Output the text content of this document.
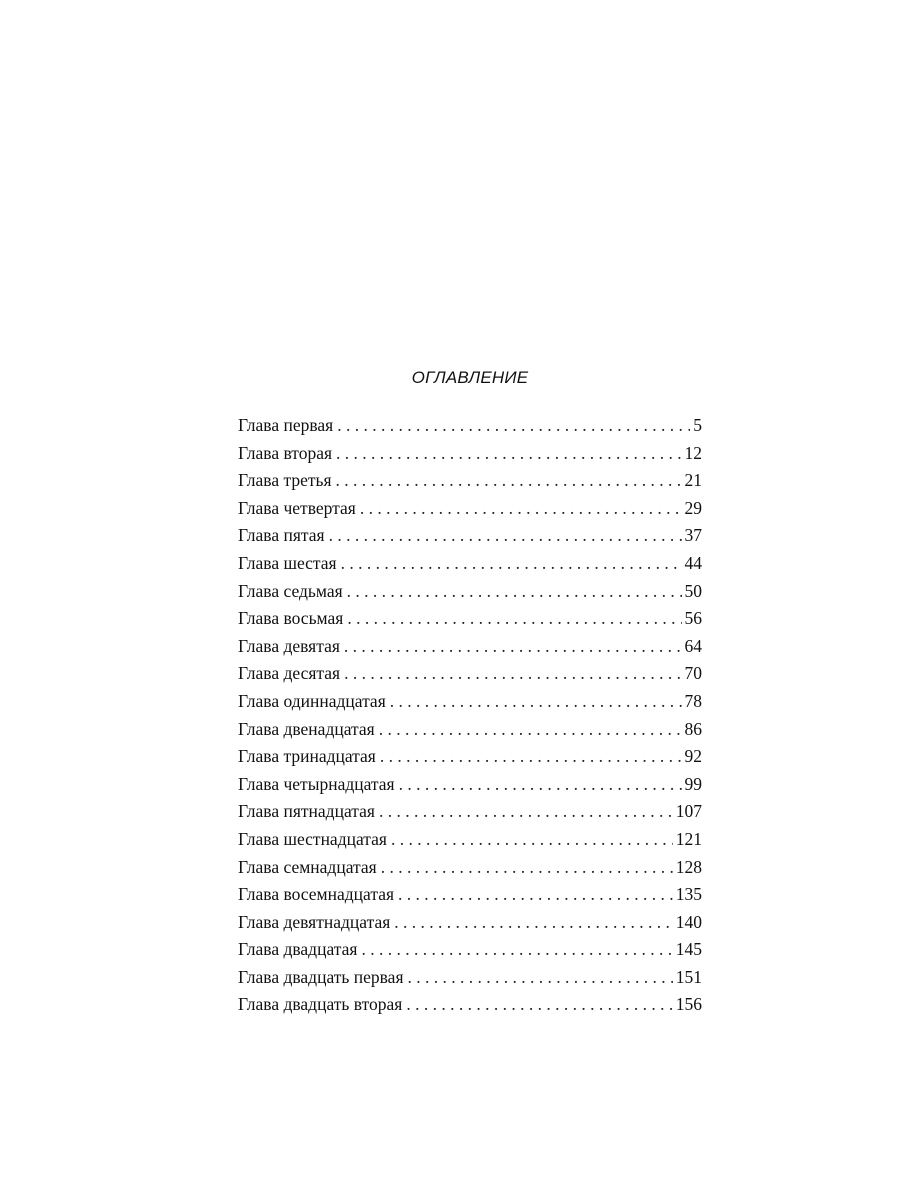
ОГЛАВЛЕНИЕ
Глава первая . . .	5
Глава вторая . . .	12
Глава третья . . .	21
Глава четвертая . . .	29
Глава пятая . . .	37
Глава шестая . . .	44
Глава седьмая . . .	50
Глава восьмая . . .	56
Глава девятая . . .	64
Глава десятая . . .	70
Глава одиннадцатая . . .	78
Глава двенадцатая . . .	86
Глава тринадцатая . . .	92
Глава четырнадцатая . . .	99
Глава пятнадцатая . . .	107
Глава шестнадцатая . . .	121
Глава семнадцатая . . .	128
Глава восемнадцатая . . .	135
Глава девятнадцатая . . .	140
Глава двадцатая . . .	145
Глава двадцать первая . . .	151
Глава двадцать вторая . . .	156
